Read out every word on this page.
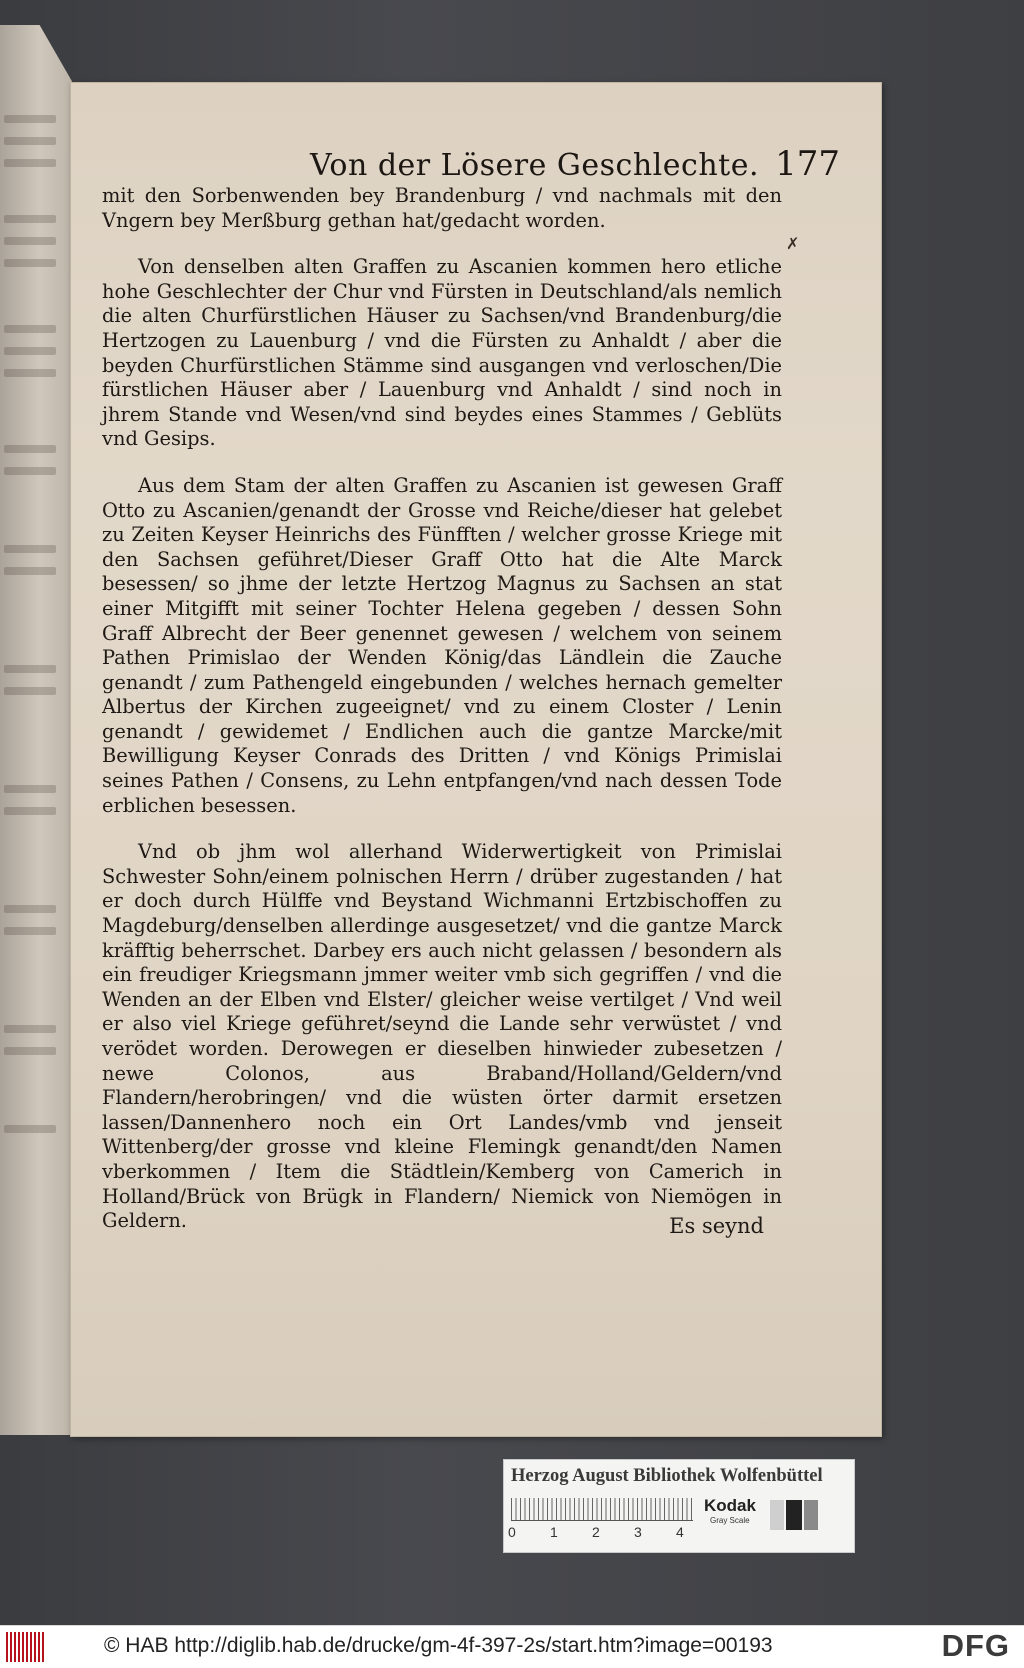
Von der Lösere Geschlechte. 177
✗

mit den Sorbenwenden bey Brandenburg / vnd nachmals mit den Vngern bey Merßburg gethan hat/gedacht worden.

Von denselben alten Graffen zu Ascanien kommen hero etliche hohe Geschlechter der Chur vnd Fürsten in Deutschland/als nemlich die alten Churfürstlichen Häuser zu Sachsen/vnd Brandenburg/die Hertzogen zu Lauenburg / vnd die Fürsten zu Anhaldt / aber die beyden Churfürstlichen Stämme sind ausgangen vnd verloschen/Die fürstlichen Häuser aber / Lauenburg vnd Anhaldt / sind noch in jhrem Stande vnd Wesen/vnd sind beydes eines Stammes / Geblüts vnd Gesips.

Aus dem Stam der alten Graffen zu Ascanien ist gewesen Graff Otto zu Ascanien/genandt der Grosse vnd Reiche/dieser hat gelebet zu Zeiten Keyser Heinrichs des Fünfften / welcher grosse Kriege mit den Sachsen geführet/Dieser Graff Otto hat die Alte Marck besessen/ so jhme der letzte Hertzog Magnus zu Sachsen an stat einer Mitgifft mit seiner Tochter Helena gegeben / dessen Sohn Graff Albrecht der Beer genennet gewesen / welchem von seinem Pathen Primislao der Wenden König/das Ländlein die Zauche genandt / zum Pathengeld eingebunden / welches hernach gemelter Albertus der Kirchen zugeeignet/ vnd zu einem Closter / Lenin genandt / gewidemet / Endlichen auch die gantze Marcke/mit Bewilligung Keyser Conrads des Dritten / vnd Königs Primislai seines Pathen / Consens, zu Lehn entpfangen/vnd nach dessen Tode erblichen besessen.

Vnd ob jhm wol allerhand Widerwertigkeit von Primislai Schwester Sohn/einem polnischen Herrn / drüber zugestanden / hat er doch durch Hülffe vnd Beystand Wichmanni Ertzbischoffen zu Magdeburg/denselben allerdinge ausgesetzet/ vnd die gantze Marck kräfftig beherrschet. Darbey ers auch nicht gelassen / besondern als ein freudiger Kriegsmann jmmer weiter vmb sich gegriffen / vnd die Wenden an der Elben vnd Elster/ gleicher weise vertilget / Vnd weil er also viel Kriege geführet/seynd die Lande sehr verwüstet / vnd verödet worden. Derowegen er dieselben hinwieder zubesetzen / newe Colonos, aus Braband/Holland/Geldern/vnd Flandern/herobringen/ vnd die wüsten örter darmit ersetzen lassen/Dannenhero noch ein Ort Landes/vmb vnd jenseit Wittenberg/der grosse vnd kleine Flemingk genandt/den Namen vberkommen / Item die Städtlein/Kemberg von Camerich in Holland/Brück von Brügk in Flandern/ Niemick von Niemögen in Geldern.	Es seynd
Herzog August Bibliothek Wolfenbüttel
0 1 2 3 4
Kodak
Gray Scale
© HAB http://diglib.hab.de/drucke/gm-4f-397-2s/start.htm?image=00193	DFG
